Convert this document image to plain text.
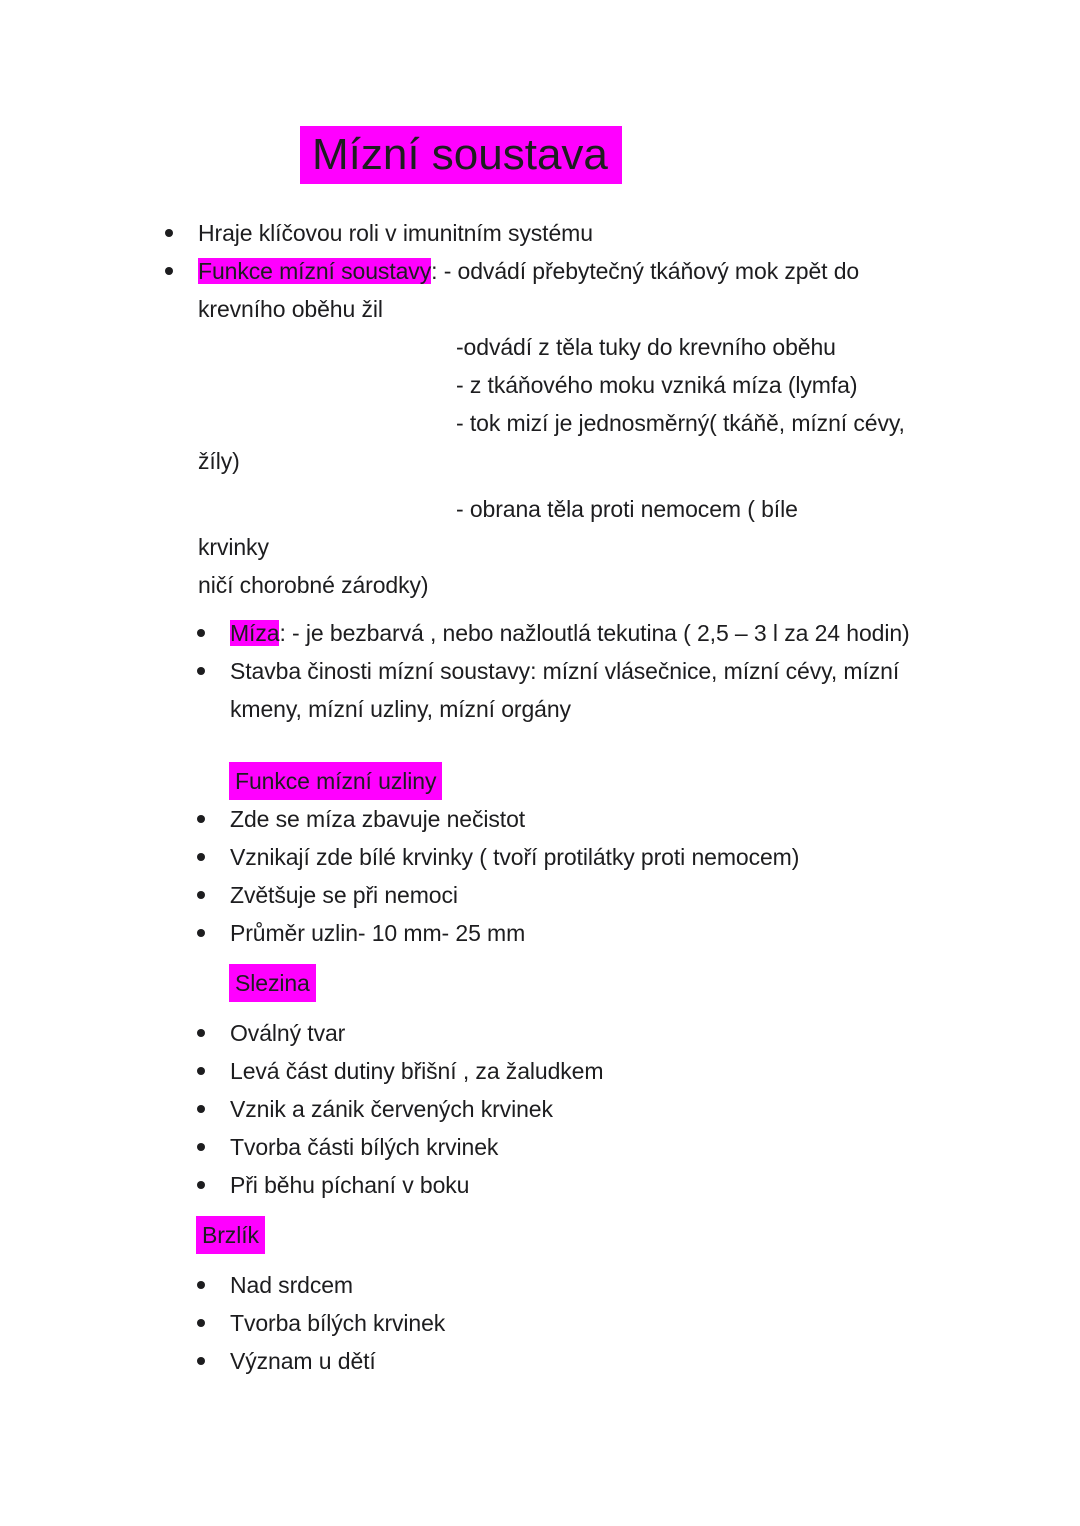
Mízní soustava
Hraje klíčovou roli v imunitním systému
Funkce mízní soustavy: - odvádí přebytečný tkáňový mok zpět do
krevního oběhu žil
-odvádí z těla tuky do krevního oběhu
- z tkáňového moku vzniká míza (lymfa)
- tok mizí je jednosměrný( tkáňě, mízní cévy,
žíly)
- obrana těla proti nemocem ( bíle
krvinky
ničí chorobné zárodky)
Míza: - je bezbarvá , nebo nažloutlá tekutina ( 2,5 – 3 l za 24 hodin)
Stavba činosti mízní soustavy: mízní vlásečnice, mízní cévy, mízní
kmeny, mízní uzliny, mízní orgány
Funkce mízní uzliny
Zde se míza zbavuje nečistot
Vznikají zde bílé krvinky ( tvoří protilátky proti nemocem)
Zvětšuje se při nemoci
Průměr uzlin- 10 mm- 25 mm
Slezina
Oválný tvar
Levá část dutiny břišní , za žaludkem
Vznik a zánik červených krvinek
Tvorba části bílých krvinek
Při běhu píchaní v boku
Brzlík
Nad srdcem
Tvorba bílých krvinek
Význam u dětí
